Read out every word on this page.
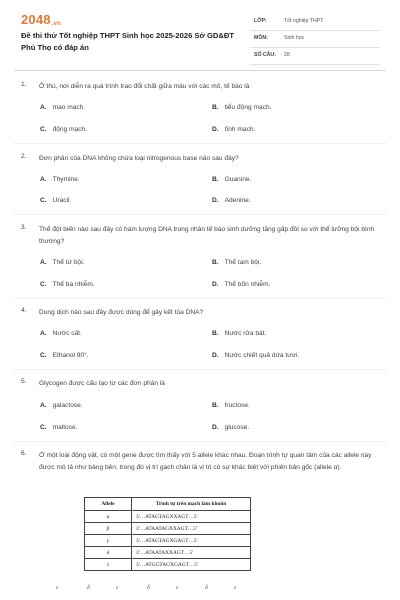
2048.vn
Đề thi thử Tốt nghiệp THPT Sinh học 2025-2026 Sở GD&ĐT Phú Thọ có đáp án
LỚP:	Tốt nghiệp THPT
MÔN:	Sinh học
SỐ CÂU: 28
1. Ở thú, nơi diễn ra quá trình trao đổi chất giữa máu với các mô, tế bào là
A. mao mạch.	B. tiểu động mạch.
C. động mạch.	D. tĩnh mạch.
2. Đơn phân của DNA không chứa loại nitrogenous base nào sau đây?
A. Thymine.	B. Guanine.
C. Uracil.	D. Adenine.
3. Thể đột biến nào sau đây có hàm lượng DNA trong nhân tế bào sinh dưỡng tăng gấp đôi so với thể lưỡng bội bình thường?
A. Thể tứ bội.	B. Thể tam bội.
C. Thể ba nhiễm.	D. Thể bốn nhiễm.
4. Dung dịch nào sau đây được dùng để gây kết tủa DNA?
A. Nước cất.	B. Nước rửa bát.
C. Ethanol 90°.	D. Nước chiết quả dứa tươi.
5. Glycogen được cấu tạo từ các đơn phân là
A. galactose.	B. fructose.
C. maltose.	D. glucose.
6. Ở một loài động vật, có một gene được tìm thấy với 5 allele khác nhau. Đoạn trình tự quan tâm của các allele này được mô tả như bảng bên, trong đó vị trí gạch chân là vị trí có sự khác biệt với phiên bản gốc (allele α).
Allele	Trình tự trên mạch làm khuôn
α	3'…ATAGTAGXXAGT…5'
β	3'…ATAATAGXXAGT…5'
γ	3'…ATAGTAGXGAGT…5'
δ	3'…ATAATAXXAGT…5'
ε	3'…ATGGTAGXGAGT…5'
ε	δ	ε	δ	ε	δ	ε
